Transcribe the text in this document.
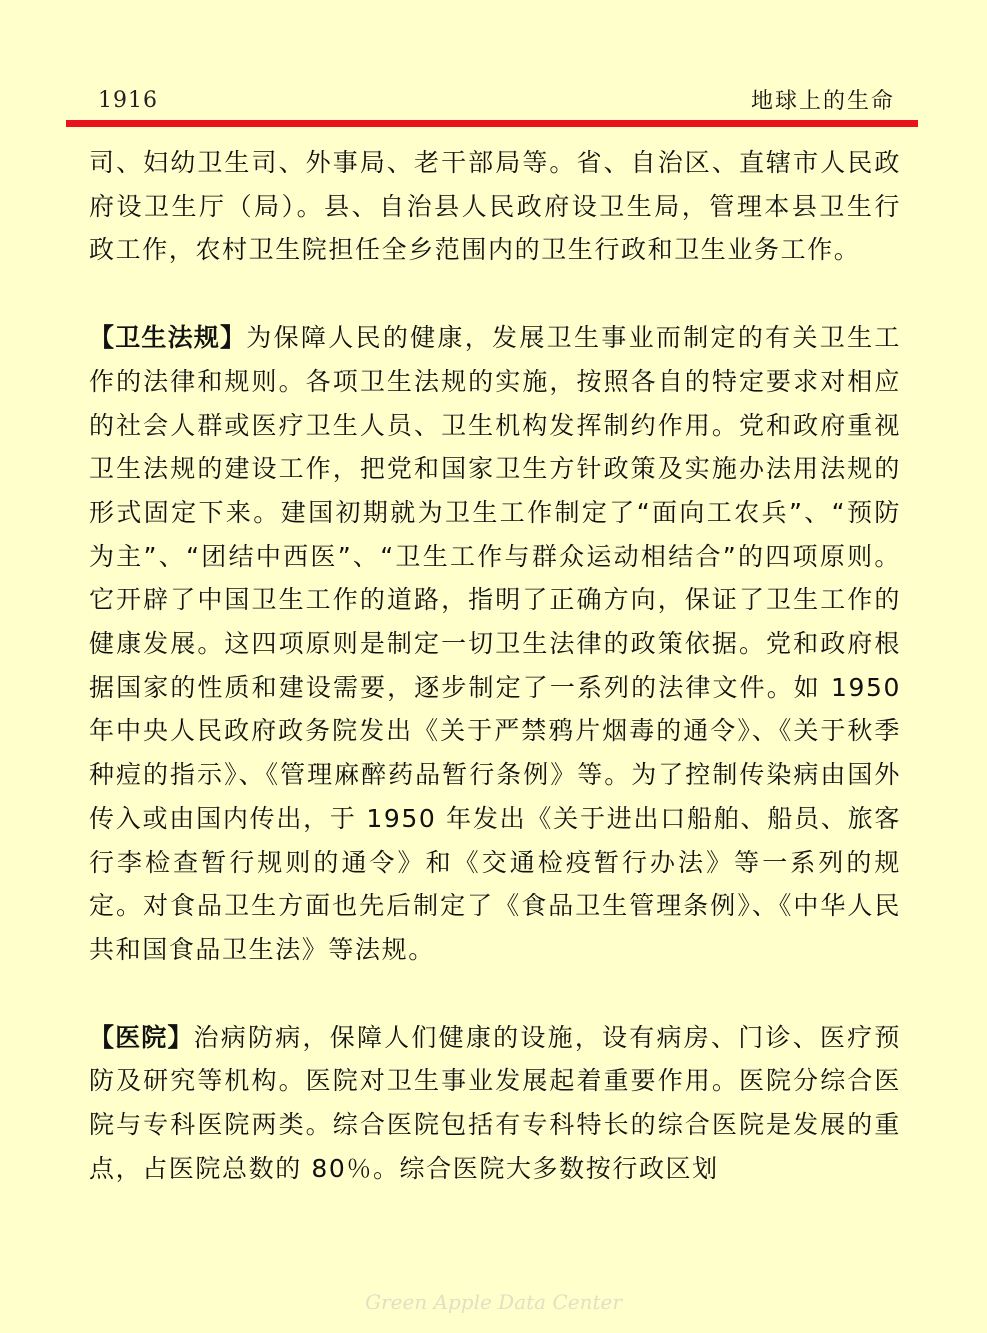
1916	地球上的生命

司、妇幼卫生司、外事局、老干部局等。省、自治区、直辖市人民政府设卫生厅（局）。县、自治县人民政府设卫生局，管理本县卫生行政工作，农村卫生院担任全乡范围内的卫生行政和卫生业务工作。

【卫生法规】为保障人民的健康，发展卫生事业而制定的有关卫生工作的法律和规则。各项卫生法规的实施，按照各自的特定要求对相应的社会人群或医疗卫生人员、卫生机构发挥制约作用。党和政府重视卫生法规的建设工作，把党和国家卫生方针政策及实施办法用法规的形式固定下来。建国初期就为卫生工作制定了“面向工农兵”、“预防为主”、“团结中西医”、“卫生工作与群众运动相结合”的四项原则。它开辟了中国卫生工作的道路，指明了正确方向，保证了卫生工作的健康发展。这四项原则是制定一切卫生法律的政策依据。党和政府根据国家的性质和建设需要，逐步制定了一系列的法律文件。如 1950 年中央人民政府政务院发出《关于严禁鸦片烟毒的通令》、《关于秋季种痘的指示》、《管理麻醉药品暂行条例》等。为了控制传染病由国外传入或由国内传出，于 1950 年发出《关于进出口船舶、船员、旅客行李检查暂行规则的通令》和《交通检疫暂行办法》等一系列的规定。对食品卫生方面也先后制定了《食品卫生管理条例》、《中华人民共和国食品卫生法》等法规。

【医院】治病防病，保障人们健康的设施，设有病房、门诊、医疗预防及研究等机构。医院对卫生事业发展起着重要作用。医院分综合医院与专科医院两类。综合医院包括有专科特长的综合医院是发展的重点，占医院总数的 80％。综合医院大多数按行政区划

Green Apple Data Center
